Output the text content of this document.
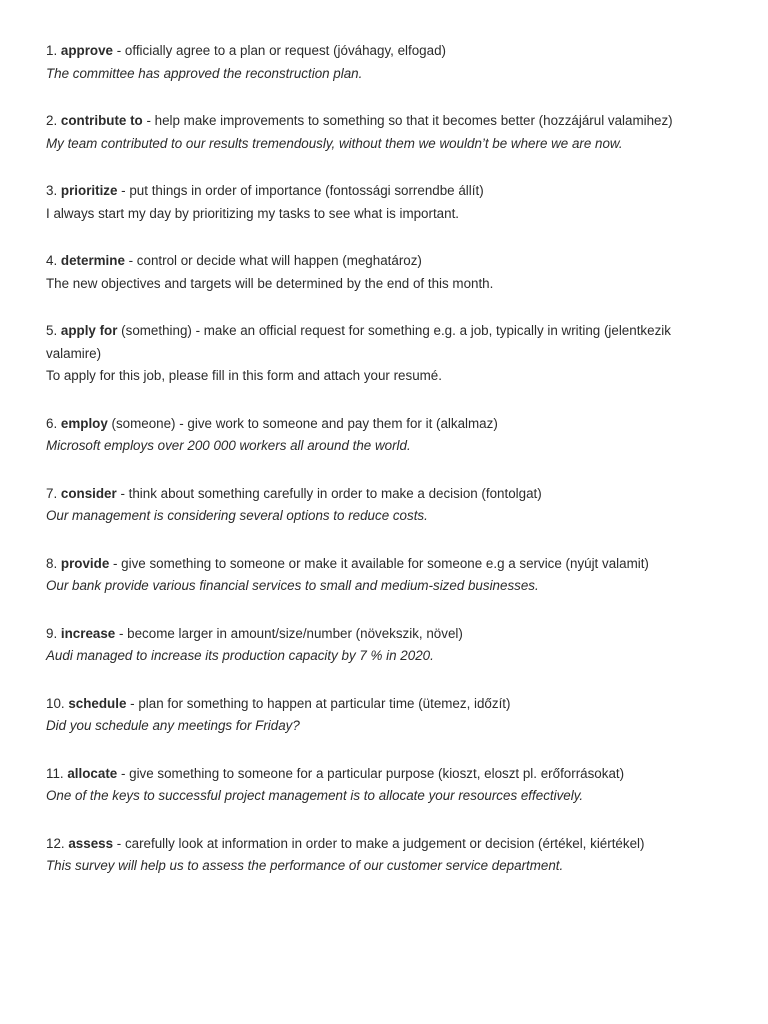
1. approve - officially agree to a plan or request (jóváhagy, elfogad)

The committee has approved the reconstruction plan.

2. contribute to - help make improvements to something so that it becomes better (hozzájárul valamihez)

My team contributed to our results tremendously, without them we wouldn’t be where we are now.

3. prioritize - put things in order of importance (fontossági sorrendbe állít)

I always start my day by prioritizing my tasks to see what is important.

4. determine - control or decide what will happen (meghatároz)

The new objectives and targets will be determined by the end of this month.

5. apply for (something) - make an official request for something e.g. a job, typically in writing (jelentkezik valamire)

To apply for this job, please fill in this form and attach your resumé.

6. employ (someone) - give work to someone and pay them for it (alkalmaz)

Microsoft employs over 200 000 workers all around the world.

7. consider - think about something carefully in order to make a decision (fontolgat)

Our management is considering several options to reduce costs.

8. provide - give something to someone or make it available for someone e.g a service (nyújt valamit)

Our bank provide various financial services to small and medium-sized businesses.

9. increase - become larger in amount/size/number (növekszik, növel)

Audi managed to increase its production capacity by 7 % in 2020.

10. schedule - plan for something to happen at particular time (ütemez, időzít)

Did you schedule any meetings for Friday?

11. allocate - give something to someone for a particular purpose (kioszt, eloszt pl. erőforrásokat)

One of the keys to successful project management is to allocate your resources effectively.

12. assess - carefully look at information in order to make a judgement or decision (értékel, kiértékel)

This survey will help us to assess the performance of our customer service department.
